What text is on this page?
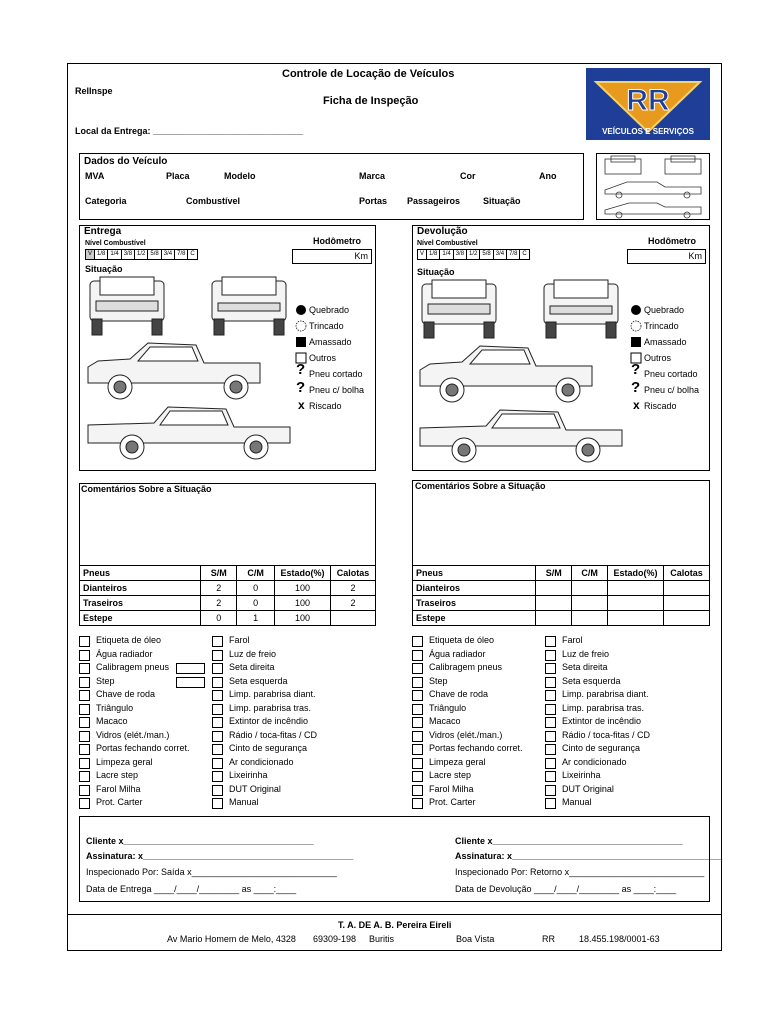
Controle de Locação de Veículos
RelInspe
Ficha de Inspeção
Local da Entrega: ______________________________
RR
VEÍCULOS E SERVIÇOS
Dados do Veículo
MVA	Placa	Modelo	Marca	Cor	Ano
Categoria	Combustível	Portas Passageiros	Situação
Entrega
Nível Combustível	Hodômetro
V 1/8 1/4 3/8 1/2 5/8 3/4 7/8 C	Km
Situação
Quebrado
Trincado
Amassado
Outros
? Pneu cortado
? Pneu c/ bolha
x Riscado
Devolução
Nível Combustível	Hodômetro
V 1/8 1/4 3/8 1/2 5/8 3/4 7/8 C	Km
Situação
Quebrado
Trincado
Amassado
Outros
? Pneu cortado
? Pneu c/ bolha
x Riscado
Comentários Sobre a Situação	Comentários Sobre a Situação
Pneus	S/M	C/M	Estado(%)	Calotas
Dianteiros	2	0	100	2
Traseiros	2	0	100	2
Estepe	0	1	100	
Pneus	S/M	C/M	Estado(%)	Calotas
Dianteiros				
Traseiros				
Estepe				
Etiqueta de óleo
Água radiador
Calibragem pneus
Step
Chave de roda
Triângulo
Macaco
Vidros (elét./man.)
Portas fechando corret.
Limpeza geral
Lacre step
Farol Milha
Prot. Carter
Farol
Luz de freio
Seta direita
Seta esquerda
Limp. parabrisa diant.
Limp. parabrisa tras.
Extintor de incêndio
Rádio / toca-fitas / CD
Cinto de segurança
Ar condicionado
Lixeirinha
DUT Original
Manual
Etiqueta de óleo
Água radiador
Calibragem pneus
Step
Chave de roda
Triângulo
Macaco
Vidros (elét./man.)
Portas fechando corret.
Limpeza geral
Lacre step
Farol Milha
Prot. Carter
Farol
Luz de freio
Seta direita
Seta esquerda
Limp. parabrisa diant.
Limp. parabrisa tras.
Extintor de incêndio
Rádio / toca-fitas / CD
Cinto de segurança
Ar condicionado
Lixeirinha
DUT Original
Manual
Cliente x______________________________________
Assinatura: x__________________________________________
Inspecionado Por: Saída x_____________________________
Data de Entrega ____/____/________ as ____:____
Cliente x______________________________________
Assinatura: x__________________________________________
Inspecionado Por: Retorno x___________________________
Data de Devolução ____/____/________ as ____:____
T. A. DE A. B. Pereira Eireli
Av Mario Homem de Melo, 4328 69309-198 Buritis	Boa Vista	RR	18.455.198/0001-63
